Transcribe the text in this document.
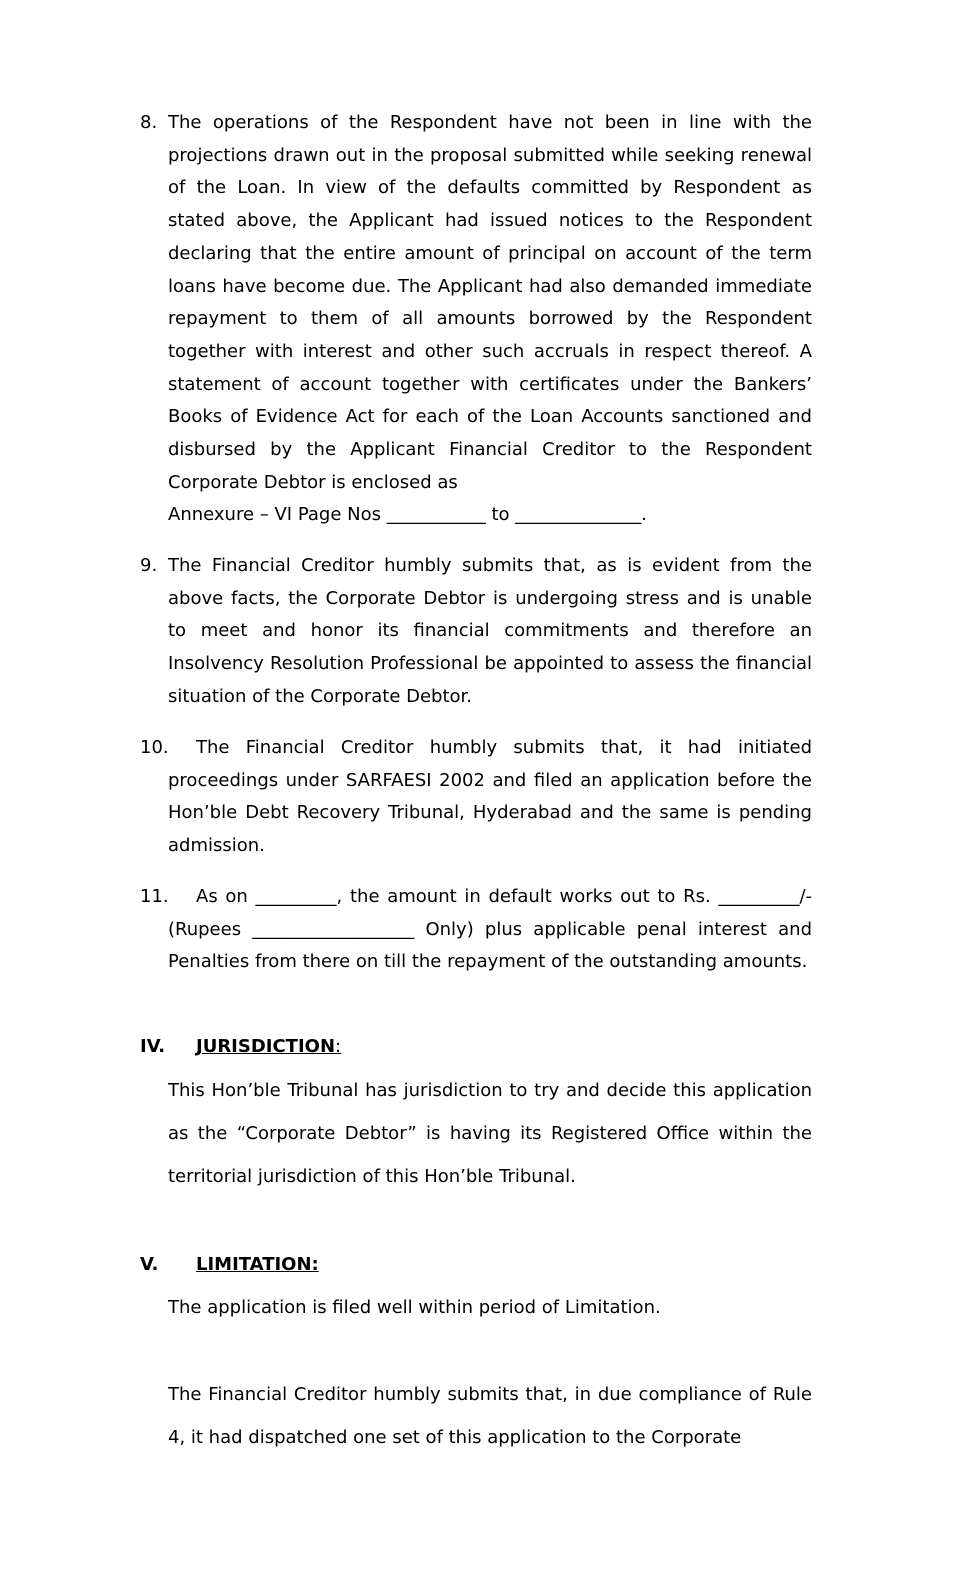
8. The operations of the Respondent have not been in line with the projections drawn out in the proposal submitted while seeking renewal of the Loan. In view of the defaults committed by Respondent as stated above, the Applicant had issued notices to the Respondent declaring that the entire amount of principal on account of the term loans have become due. The Applicant had also demanded immediate repayment to them of all amounts borrowed by the Respondent together with interest and other such accruals in respect thereof. A statement of account together with certificates under the Bankers’ Books of Evidence Act for each of the Loan Accounts sanctioned and disbursed by the Applicant Financial Creditor to the Respondent Corporate Debtor is enclosed as
Annexure – VI Page Nos ___________ to ______________.
9. The Financial Creditor humbly submits that, as is evident from the above facts, the Corporate Debtor is undergoing stress and is unable to meet and honor its financial commitments and therefore an Insolvency Resolution Professional be appointed to assess the financial situation of the Corporate Debtor.
10.	The Financial Creditor humbly submits that, it had initiated proceedings under SARFAESI 2002 and filed an application before the Hon’ble Debt Recovery Tribunal, Hyderabad and the same is pending admission.
11.	As on _________, the amount in default works out to Rs. _________/- (Rupees __________________ Only) plus applicable penal interest and Penalties from there on till the repayment of the outstanding amounts.
IV. JURISDICTION:
This Hon’ble Tribunal has jurisdiction to try and decide this application as the “Corporate Debtor” is having its Registered Office within the territorial jurisdiction of this Hon’ble Tribunal.
V. LIMITATION:
The application is filed well within period of Limitation.
The Financial Creditor humbly submits that, in due compliance of Rule 4, it had dispatched one set of this application to the Corporate
